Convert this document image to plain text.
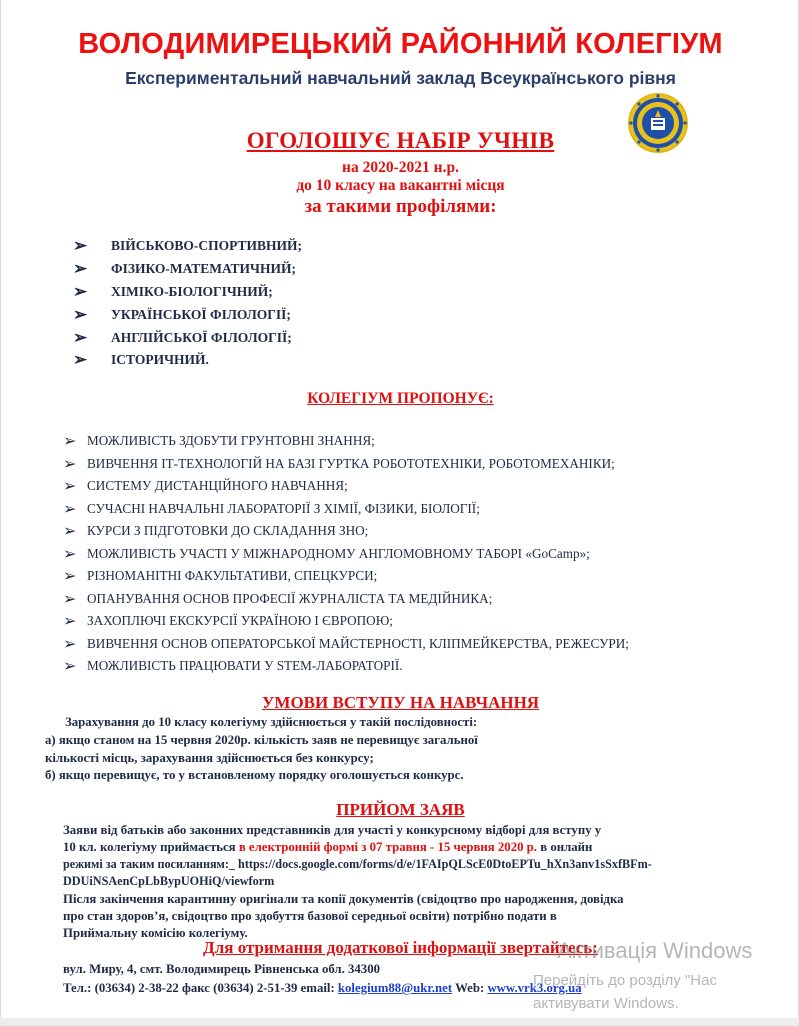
ВОЛОДИМИРЕЦЬКИЙ РАЙОННИЙ КОЛЕГІУМ
Експериментальний навчальний заклад Всеукраїнського рівня
ОГОЛОШУЄ НАБІР УЧНІВ
на 2020-2021 н.р.
до 10 класу на вакантні місця
за такими профілями:
➢	ВІЙСЬКОВО-СПОРТИВНИЙ;
➢	ФІЗИКО-МАТЕМАТИЧНИЙ;
➢	ХІМІКО-БІОЛОГІЧНИЙ;
➢	УКРАЇНСЬКОЇ ФІЛОЛОГІЇ;
➢	АНГЛІЙСЬКОЇ ФІЛОЛОГІЇ;
➢	ІСТОРИЧНИЙ.
КОЛЕГІУМ ПРОПОНУЄ:
➢ МОЖЛИВІСТЬ ЗДОБУТИ ГРУНТОВНІ ЗНАННЯ;
➢ ВИВЧЕННЯ ІТ-ТЕХНОЛОГІЙ НА БАЗІ ГУРТКА РОБОТОТЕХНІКИ, РОБОТОМЕХАНІКИ;
➢ СИСТЕМУ ДИСТАНЦІЙНОГО НАВЧАННЯ;
➢ СУЧАСНІ НАВЧАЛЬНІ ЛАБОРАТОРІЇ З ХІМІЇ, ФІЗИКИ, БІОЛОГІЇ;
➢ КУРСИ З ПІДГОТОВКИ ДО СКЛАДАННЯ ЗНО;
➢ МОЖЛИВІСТЬ УЧАСТІ У МІЖНАРОДНОМУ АНГЛОМОВНОМУ ТАБОРІ «GoCamp»;
➢ РІЗНОМАНІТНІ ФАКУЛЬТАТИВИ, СПЕЦКУРСИ;
➢ ОПАНУВАННЯ ОСНОВ ПРОФЕСІЇ ЖУРНАЛІСТА ТА МЕДІЙНИКА;
➢ ЗАХОПЛЮЧІ ЕКСКУРСІЇ УКРАЇНОЮ І ЄВРОПОЮ;
➢ ВИВЧЕННЯ ОСНОВ ОПЕРАТОРСЬКОЇ МАЙСТЕРНОСТІ, КЛІПМЕЙКЕРСТВА, РЕЖЕСУРИ;
➢ МОЖЛИВІСТЬ ПРАЦЮВАТИ У STEM-ЛАБОРАТОРІЇ.
УМОВИ ВСТУПУ НА НАВЧАННЯ
Зарахування до 10 класу колегіуму здійснюється у такій послідовності:
а) якщо станом на 15 червня 2020р. кількість заяв не перевищує загальної
кількості місць, зарахування здійснюється без конкурсу;
б) якщо перевищує, то у встановленому порядку оголошується конкурс.
ПРИЙОМ ЗАЯВ
Заяви від батьків або законних представників для участі у конкурсному відборі для вступу у
10 кл. колегіуму приймається в електронній формі з 07 травня - 15 червня 2020 р. в онлайн
режимі за таким посиланням:_ https://docs.google.com/forms/d/e/1FAIpQLScE0DtoEPTu_hXn3anv1sSxfBFm-
DDUiNSAenCpLbBypUOHiQ/viewform
Після закінчення карантинну оригінали та копії документів (свідоцтво про народження, довідка
про стан здоров’я, свідоцтво про здобуття базової середньої освіти) потрібно подати в
Приймальну комісію колегіуму.
Для отримання додаткової інформації звертайтесь:
вул. Миру, 4, смт. Володимирець Рівненська обл. 34300
Тел.: (03634) 2-38-22 факс (03634) 2-51-39 email: kolegium88@ukr.net Web: www.vrk3.org.ua
Активація Windows
Перейдіть до розділу "Нас
активувати Windows.
